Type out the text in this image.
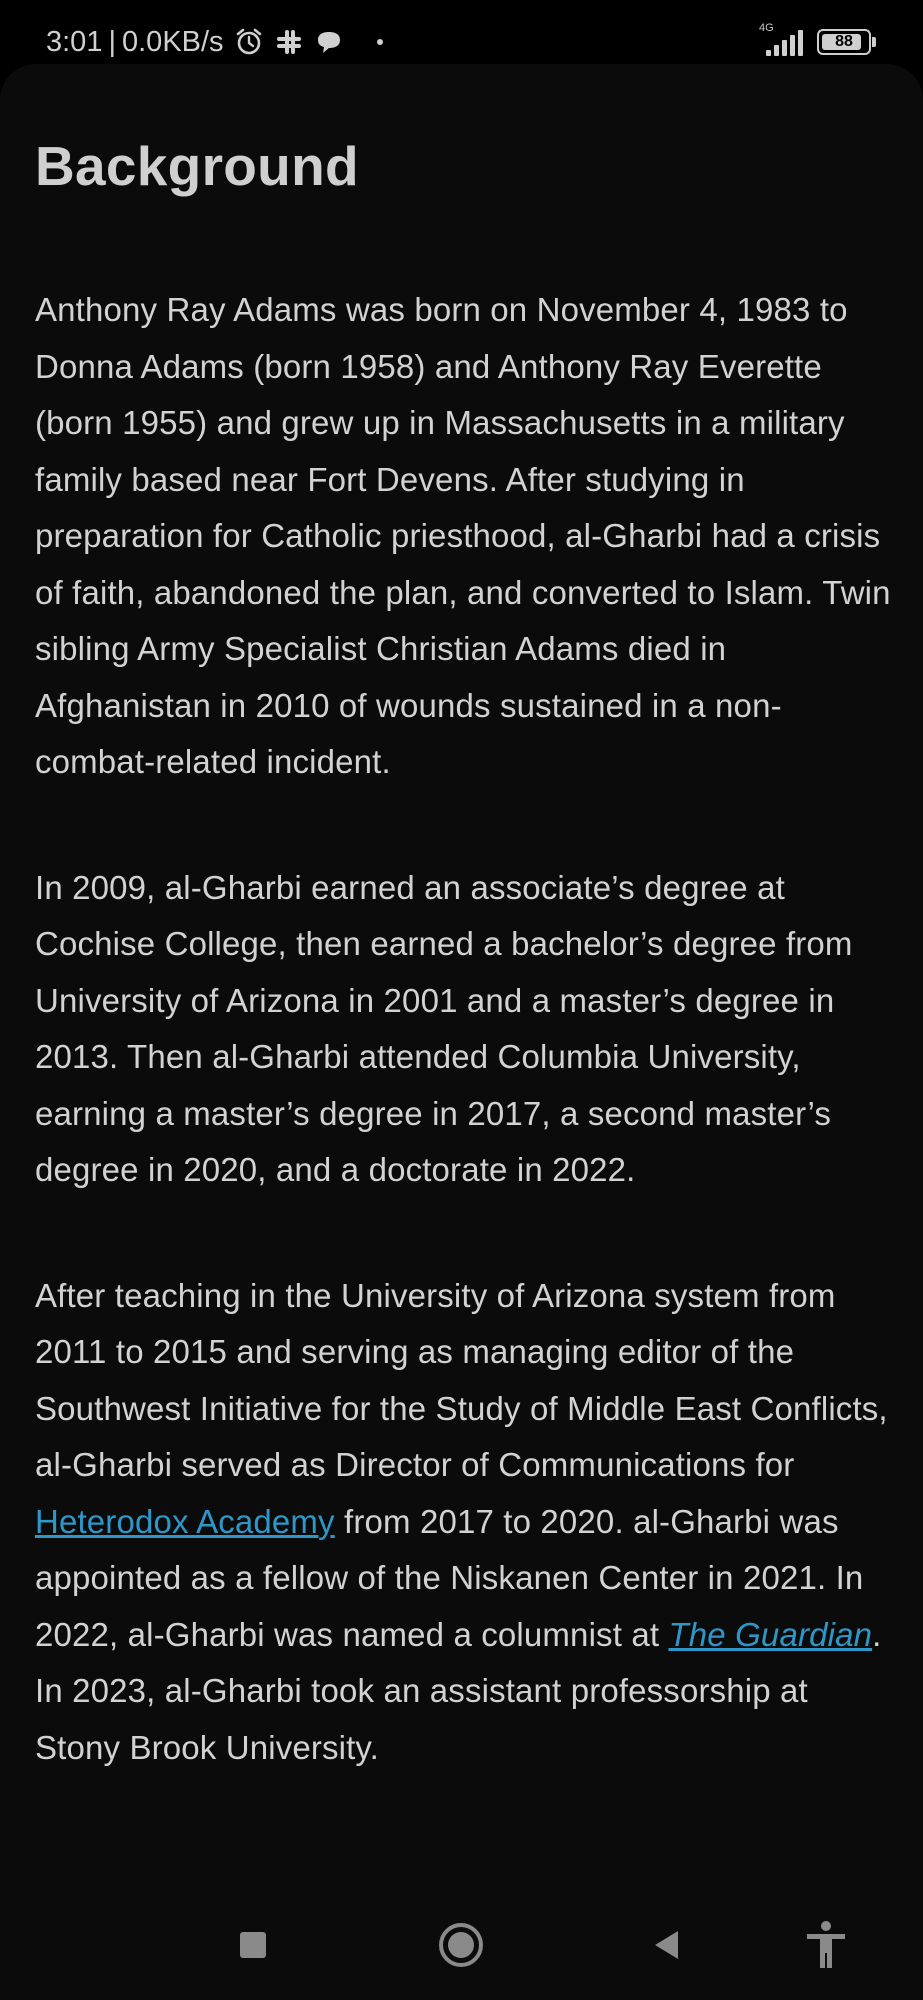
3:01 | 0.0KB/s	4G
88
Background

Anthony Ray Adams was born on November 4, 1983 to Donna Adams (born 1958) and Anthony Ray Everette (born 1955) and grew up in Massachusetts in a military family based near Fort Devens. After studying in preparation for Catholic priesthood, al-Gharbi had a crisis of faith, abandoned the plan, and converted to Islam. Twin sibling Army Specialist Christian Adams died in Afghanistan in 2010 of wounds sustained in a non-combat-related incident.

In 2009, al-Gharbi earned an associate’s degree at Cochise College, then earned a bachelor’s degree from University of Arizona in 2001 and a master’s degree in 2013. Then al-Gharbi attended Columbia University, earning a master’s degree in 2017, a second master’s degree in 2020, and a doctorate in 2022.

After teaching in the University of Arizona system from 2011 to 2015 and serving as managing editor of the Southwest Initiative for the Study of Middle East Conflicts, al-Gharbi served as Director of Communications for Heterodox Academy from 2017 to 2020. al-Gharbi was appointed as a fellow of the Niskanen Center in 2021. In 2022, al-Gharbi was named a columnist at The Guardian. In 2023, al-Gharbi took an assistant professorship at Stony Brook University.
